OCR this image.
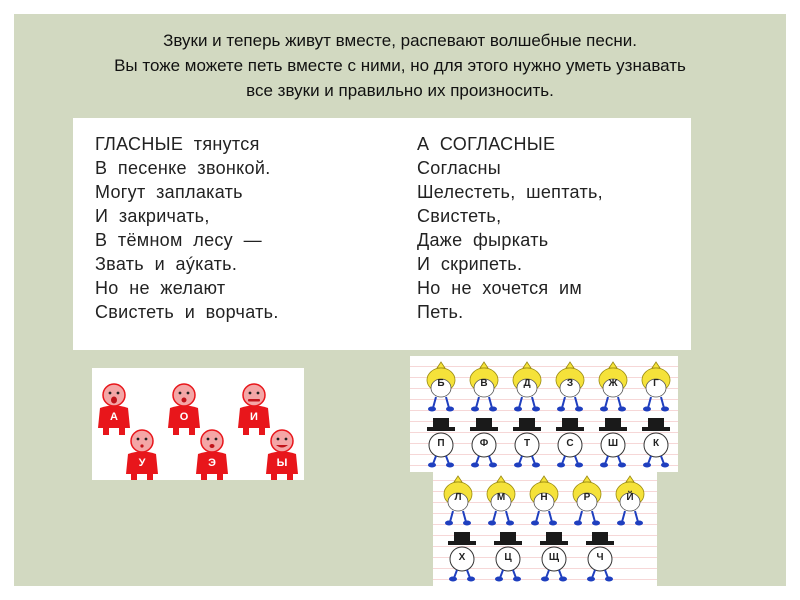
Звуки и теперь живут вместе, распевают волшебные песни.
Вы тоже можете петь вместе с ними, но для этого нужно уметь узнавать
все звуки и правильно их произносить.
ГЛАСНЫЕ  тянутся
В  песенке  звонкой.
Могут  заплакать
И  закричать,
В  тёмном  лесу  —
Звать  и  аýкать.
Но  не  желают
Свистеть  и  ворчать.
А  СОГЛАСНЫЕ
Согласны
Шелестеть,  шептать,
Свистеть,
Даже  фыркать
И  скрипеть.
Но  не  хочется  им
Петь.
А	О	И
У	Э	Ы
Б	В	Д	З	Ж	Г
П	Ф	Т	С	Ш	К
Л	М	Н	Р	Й
Х	Ц	Щ	Ч
